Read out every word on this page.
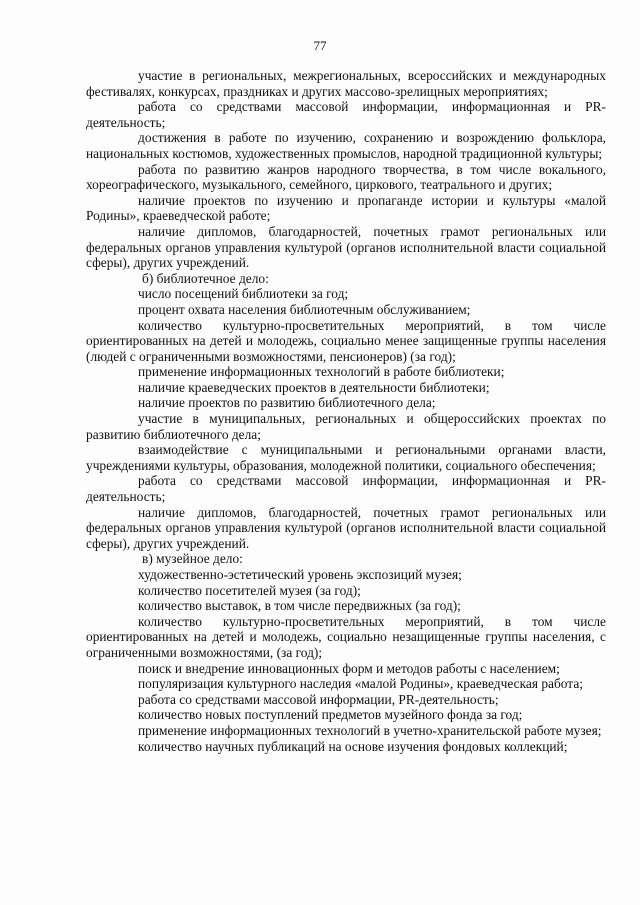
77

участие в региональных, межрегиональных, всероссийских и международных фестивалях, конкурсах, праздниках и других массово-зрелищных мероприятиях;

работа со средствами массовой информации, информационная и PR-деятельность;

достижения в работе по изучению, сохранению и возрождению фольклора, национальных костюмов, художественных промыслов, народной традиционной культуры;

работа по развитию жанров народного творчества, в том числе вокального, хореографического, музыкального, семейного, циркового, театрального и других;

наличие проектов по изучению и пропаганде истории и культуры «малой Родины», краеведческой работе;

наличие дипломов, благодарностей, почетных грамот региональных или федеральных органов управления культурой (органов исполнительной власти социальной сферы), других учреждений.

б) библиотечное дело:

число посещений библиотеки за год;

процент охвата населения библиотечным обслуживанием;

количество культурно-просветительных мероприятий, в том числе ориентированных на детей и молодежь, социально менее защищенные группы населения (людей с ограниченными возможностями, пенсионеров) (за год);

применение информационных технологий в работе библиотеки;

наличие краеведческих проектов в деятельности библиотеки;

наличие проектов по развитию библиотечного дела;

участие в муниципальных, региональных и общероссийских проектах по развитию библиотечного дела;

взаимодействие с муниципальными и региональными органами власти, учреждениями культуры, образования, молодежной политики, социального обеспечения;

работа со средствами массовой информации, информационная и PR-деятельность;

наличие дипломов, благодарностей, почетных грамот региональных или федеральных органов управления культурой (органов исполнительной власти социальной сферы), других учреждений.

в) музейное дело:

художественно-эстетический уровень экспозиций музея;

количество посетителей музея (за год);

количество выставок, в том числе передвижных (за год);

количество культурно-просветительных мероприятий, в том числе ориентированных на детей и молодежь, социально незащищенные группы населения, с ограниченными возможностями, (за год);

поиск и внедрение инновационных форм и методов работы с населением;

популяризация культурного наследия «малой Родины», краеведческая работа;

работа со средствами массовой информации, PR-деятельность;

количество новых поступлений предметов музейного фонда за год;

применение информационных технологий в учетно-хранительской работе музея;

количество научных публикаций на основе изучения фондовых коллекций;
